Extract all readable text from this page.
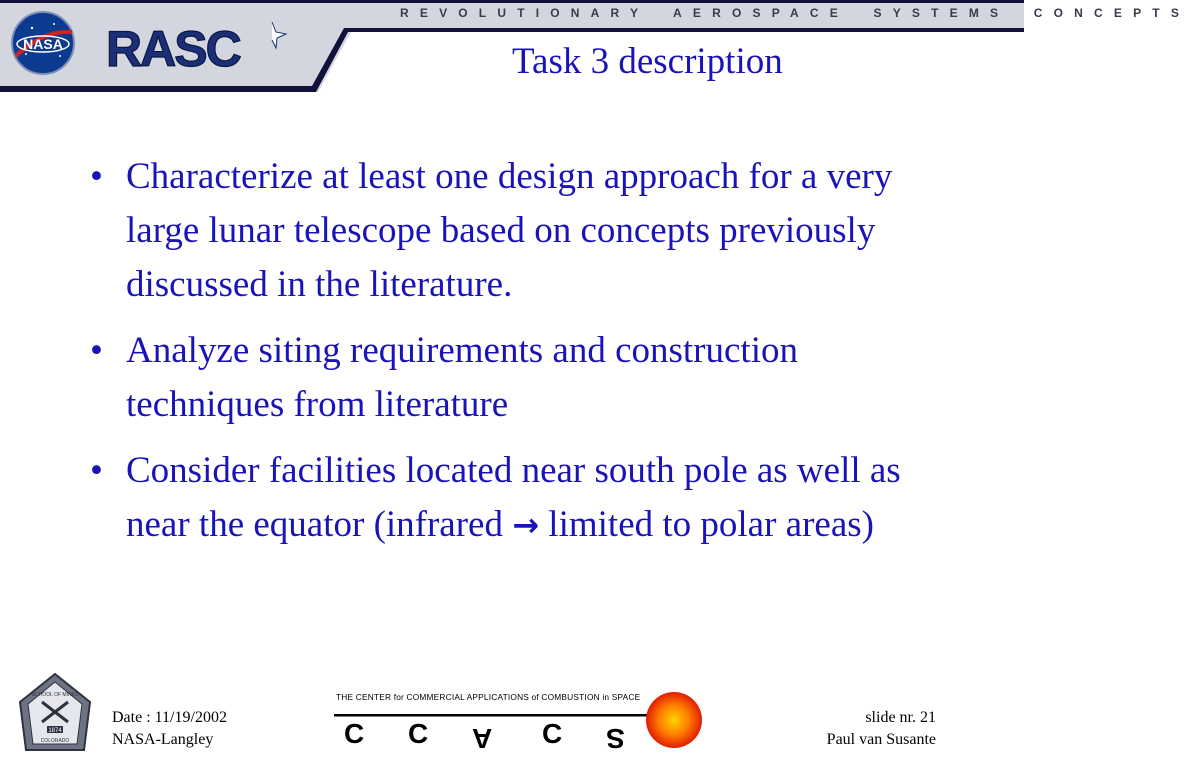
NASA RASC
REVOLUTIONARY AEROSPACE SYSTEMS CONCEPTS
Task 3 description
• Characterize at least one design approach for a very large lunar telescope based on concepts previously discussed in the literature.
• Analyze siting requirements and construction techniques from literature
• Consider facilities located near south pole as well as near the equator (infrared → limited to polar areas)
1874
SCHOOL OF MINES
COLORADO
Date : 11/19/2002
NASA-Langley
THE CENTER for COMMERCIAL APPLICATIONS of COMBUSTION in SPACE
C C A C S
slide nr. 21
Paul van Susante
